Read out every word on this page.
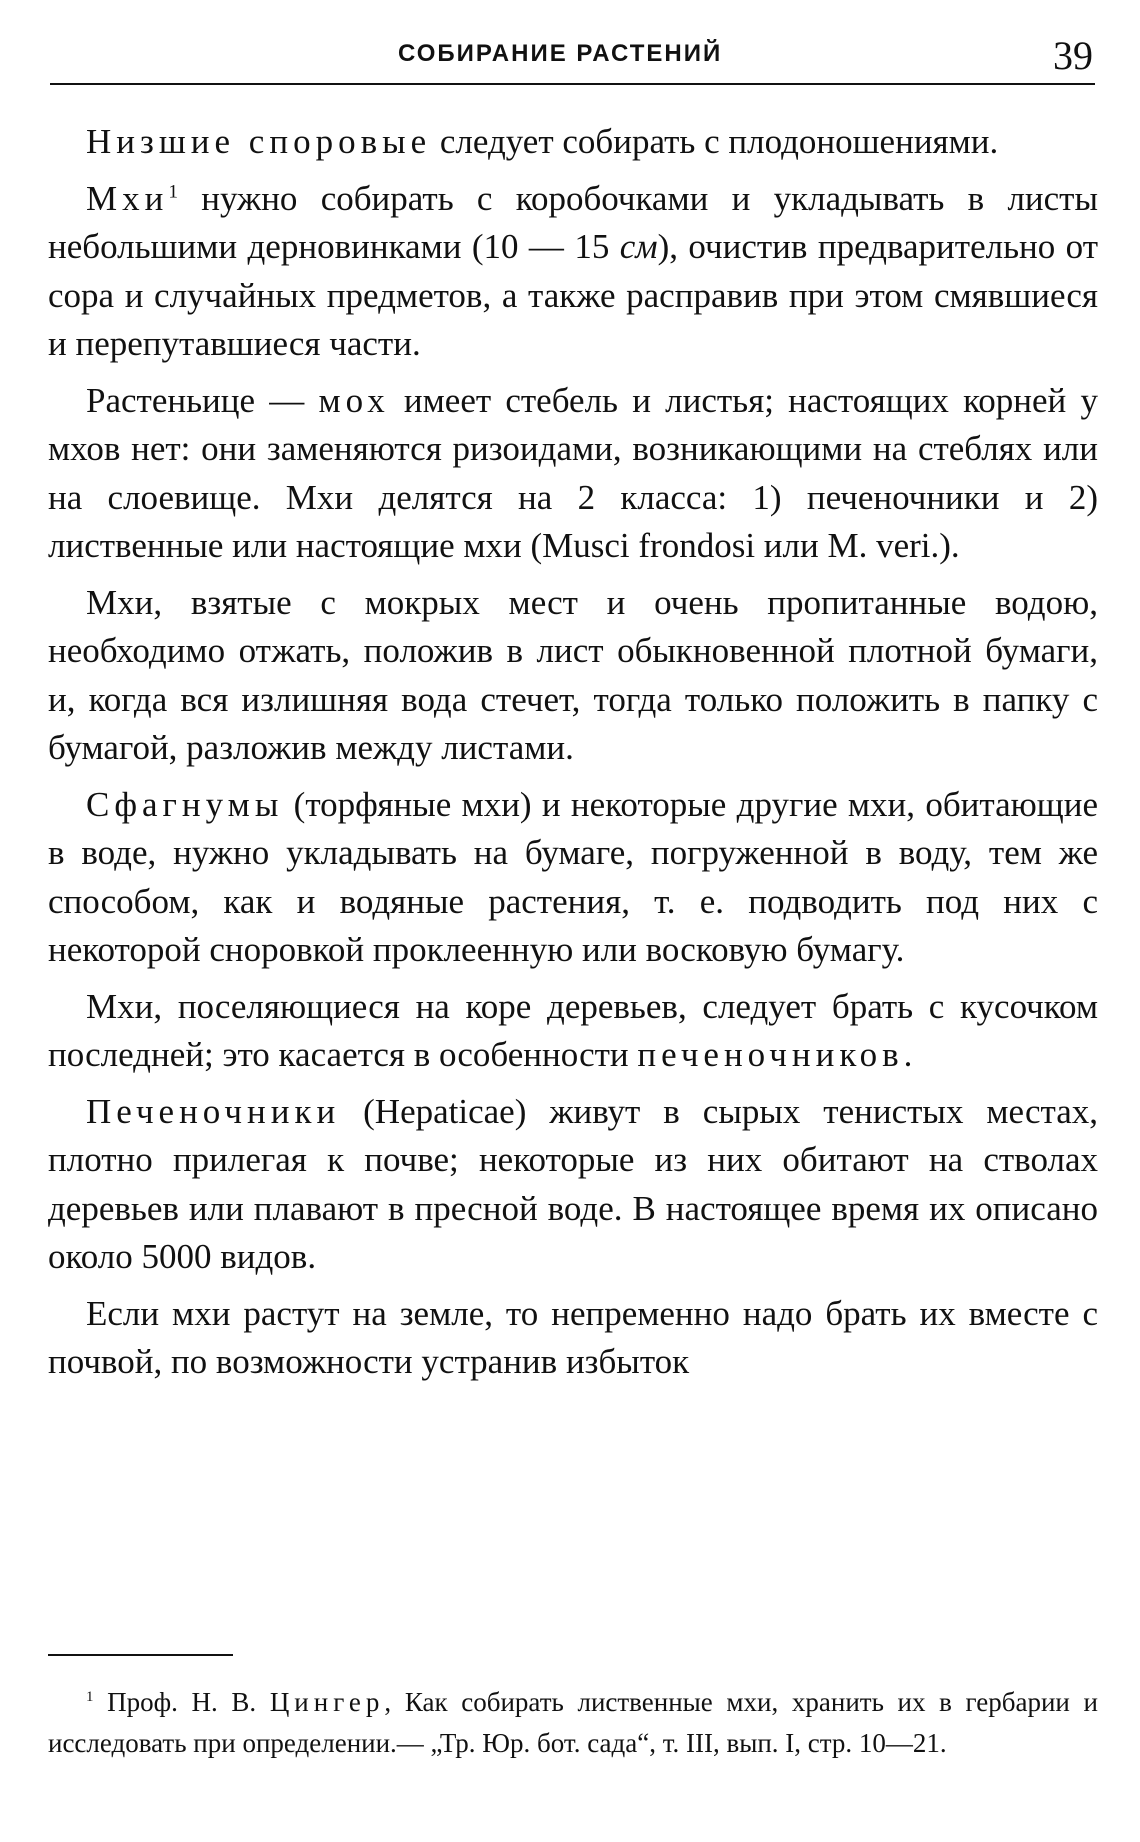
СОБИРАНИЕ РАСТЕНИЙ	39

Низшие споровые следует собирать с плодоношениями.

Мхи$^1$ нужно собирать с коробочками и укладывать в листы небольшими дерновинками (10 — 15 см), очистив предварительно от сора и случайных предметов, а также расправив при этом смявшиеся и перепутавшиеся части.

Растеньице — мох имеет стебель и листья; настоящих корней у мхов нет: они заменяются ризоидами, возникающими на стеблях или на слоевище. Мхи делятся на 2 класса: 1) печеночники и 2) лиственные или настоящие мхи (Musci frondosi или M. veri.).

Мхи, взятые с мокрых мест и очень пропитанные водою, необходимо отжать, положив в лист обыкновенной плотной бумаги, и, когда вся излишняя вода стечет, тогда только положить в папку с бумагой, разложив между листами.

Сфагнумы (торфяные мхи) и некоторые другие мхи, обитающие в воде, нужно укладывать на бумаге, погруженной в воду, тем же способом, как и водяные растения, т. е. подводить под них с некоторой сноровкой проклеенную или восковую бумагу.

Мхи, поселяющиеся на коре деревьев, следует брать с кусочком последней; это касается в особенности печеночников.

Печеночники (Hepaticae) живут в сырых тенистых местах, плотно прилегая к почве; некоторые из них обитают на стволах деревьев или плавают в пресной воде. В настоящее время их описано около 5000 видов.

Если мхи растут на земле, то непременно надо брать их вместе с почвой, по возможности устранив избыток

$^1$ Проф. Н. В. Цингер, Как собирать лиственные мхи, хранить их в гербарии и исследовать при определении.— „Тр. Юр. бот. сада“, т. III, вып. I, стр. 10—21.
